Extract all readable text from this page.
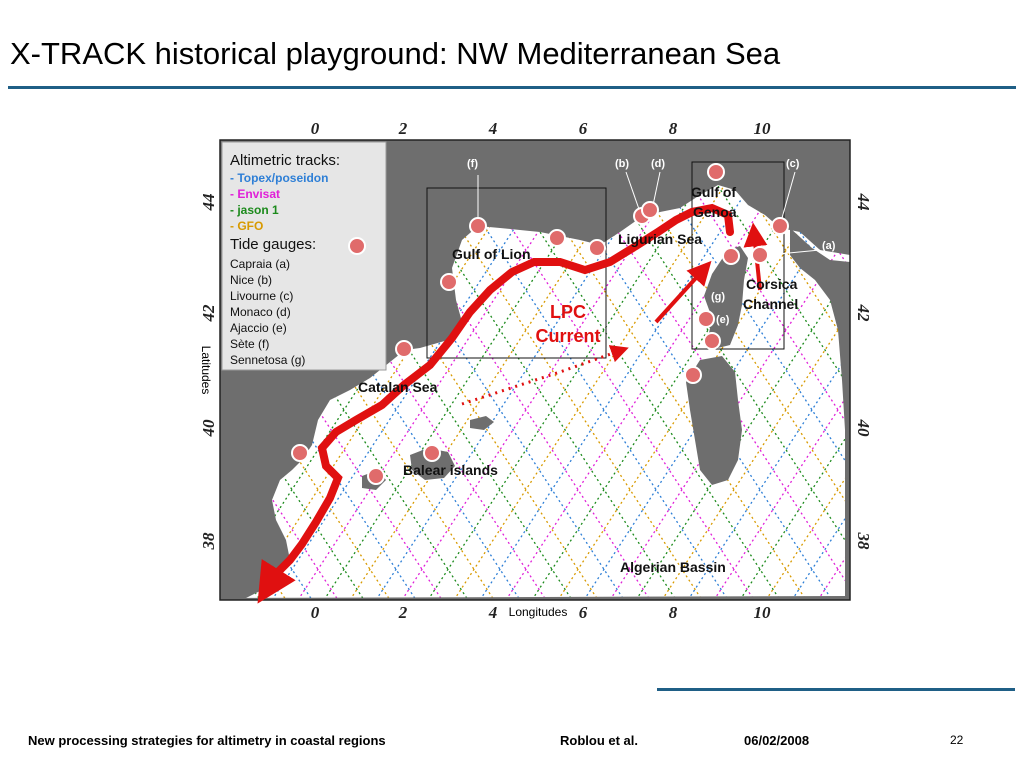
X-TRACK historical playground: NW Mediterranean Sea
0	2	4	6	8	10
0	2	4	6	8	10
44
42
40
38
44
42
40
38
Longitudes
Latitudes
(f)	(b) (d)	(c)
(a)
(g)
(e)
Gulf of Lion
Ligurian Sea
Gulf of
Genoa
Corsica
Channel
Catalan Sea
Balear islands
Algerian Bassin
LPC
Current
Altimetric tracks:
- Topex/poseidon
- Envisat
- jason 1
- GFO
Tide gauges:
Capraia (a)
Nice (b)
Livourne (c)
Monaco (d)
Ajaccio (e)
Sète (f)
Sennetosa (g)
New processing strategies for altimetry in coastal regions	Roblou et al.	06/02/2008	22
